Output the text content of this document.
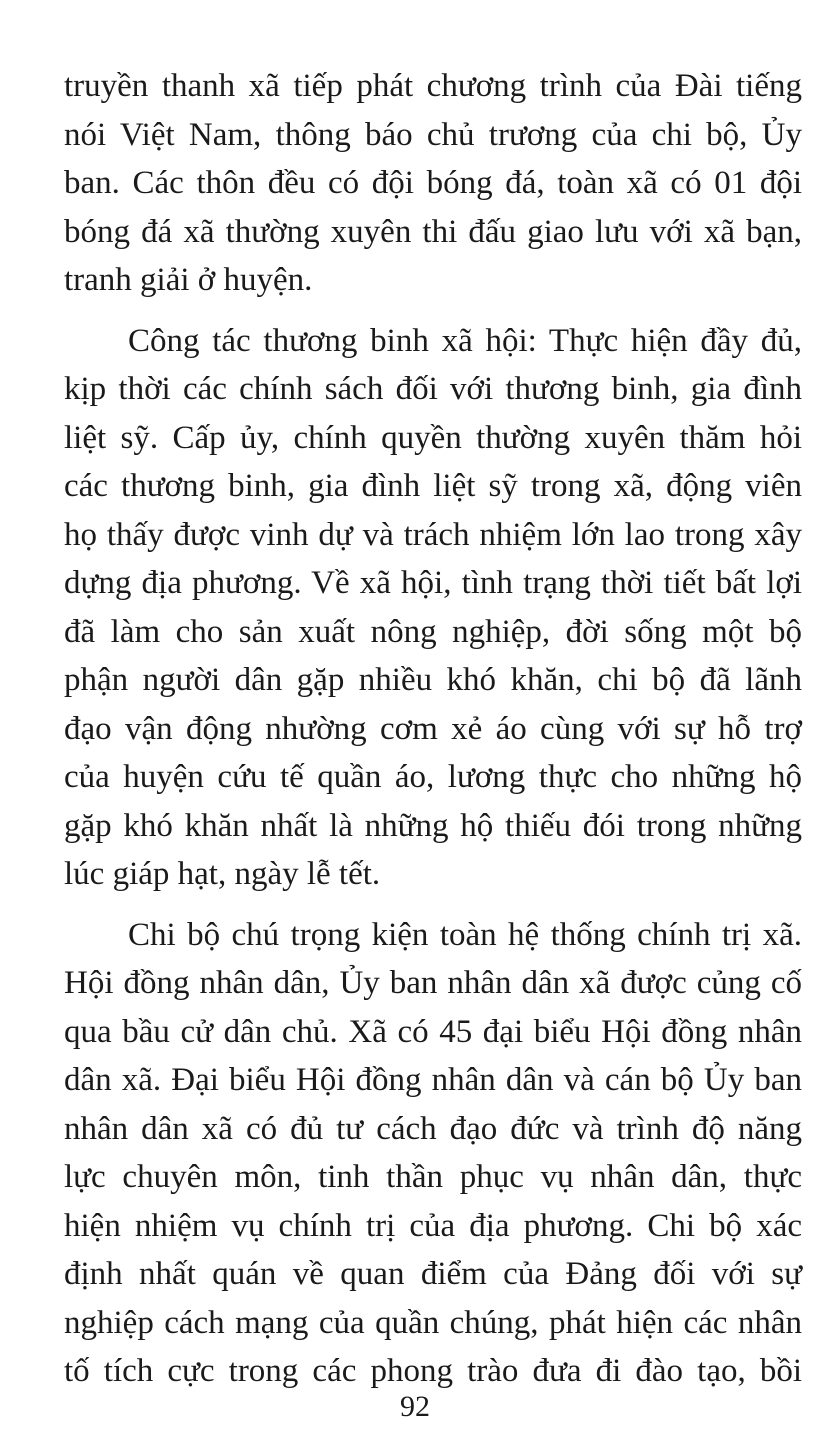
truyền thanh xã tiếp phát chương trình của Đài tiếng
nói Việt Nam, thông báo chủ trương của chi bộ, Ủy
ban. Các thôn đều có đội bóng đá, toàn xã có 01 đội
bóng đá xã thường xuyên thi đấu giao lưu với xã bạn,
tranh giải ở huyện.
Công tác thương binh xã hội: Thực hiện đầy đủ,
kịp thời các chính sách đối với thương binh, gia đình
liệt sỹ. Cấp ủy, chính quyền thường xuyên thăm hỏi
các thương binh, gia đình liệt sỹ trong xã, động viên
họ thấy được vinh dự và trách nhiệm lớn lao trong xây
dựng địa phương. Về xã hội, tình trạng thời tiết bất lợi
đã làm cho sản xuất nông nghiệp, đời sống một bộ
phận người dân gặp nhiều khó khăn, chi bộ đã lãnh
đạo vận động nhường cơm xẻ áo cùng với sự hỗ trợ
của huyện cứu tế quần áo, lương thực cho những hộ
gặp khó khăn nhất là những hộ thiếu đói trong những
lúc giáp hạt, ngày lễ tết.
Chi bộ chú trọng kiện toàn hệ thống chính trị xã.
Hội đồng nhân dân, Ủy ban nhân dân xã được củng cố
qua bầu cử dân chủ. Xã có 45 đại biểu Hội đồng nhân
dân xã. Đại biểu Hội đồng nhân dân và cán bộ Ủy ban
nhân dân xã có đủ tư cách đạo đức và trình độ năng
lực chuyên môn, tinh thần phục vụ nhân dân, thực
hiện nhiệm vụ chính trị của địa phương. Chi bộ xác
định nhất quán về quan điểm của Đảng đối với sự
nghiệp cách mạng của quần chúng, phát hiện các nhân
tố tích cực trong các phong trào đưa đi đào tạo, bồi
92
